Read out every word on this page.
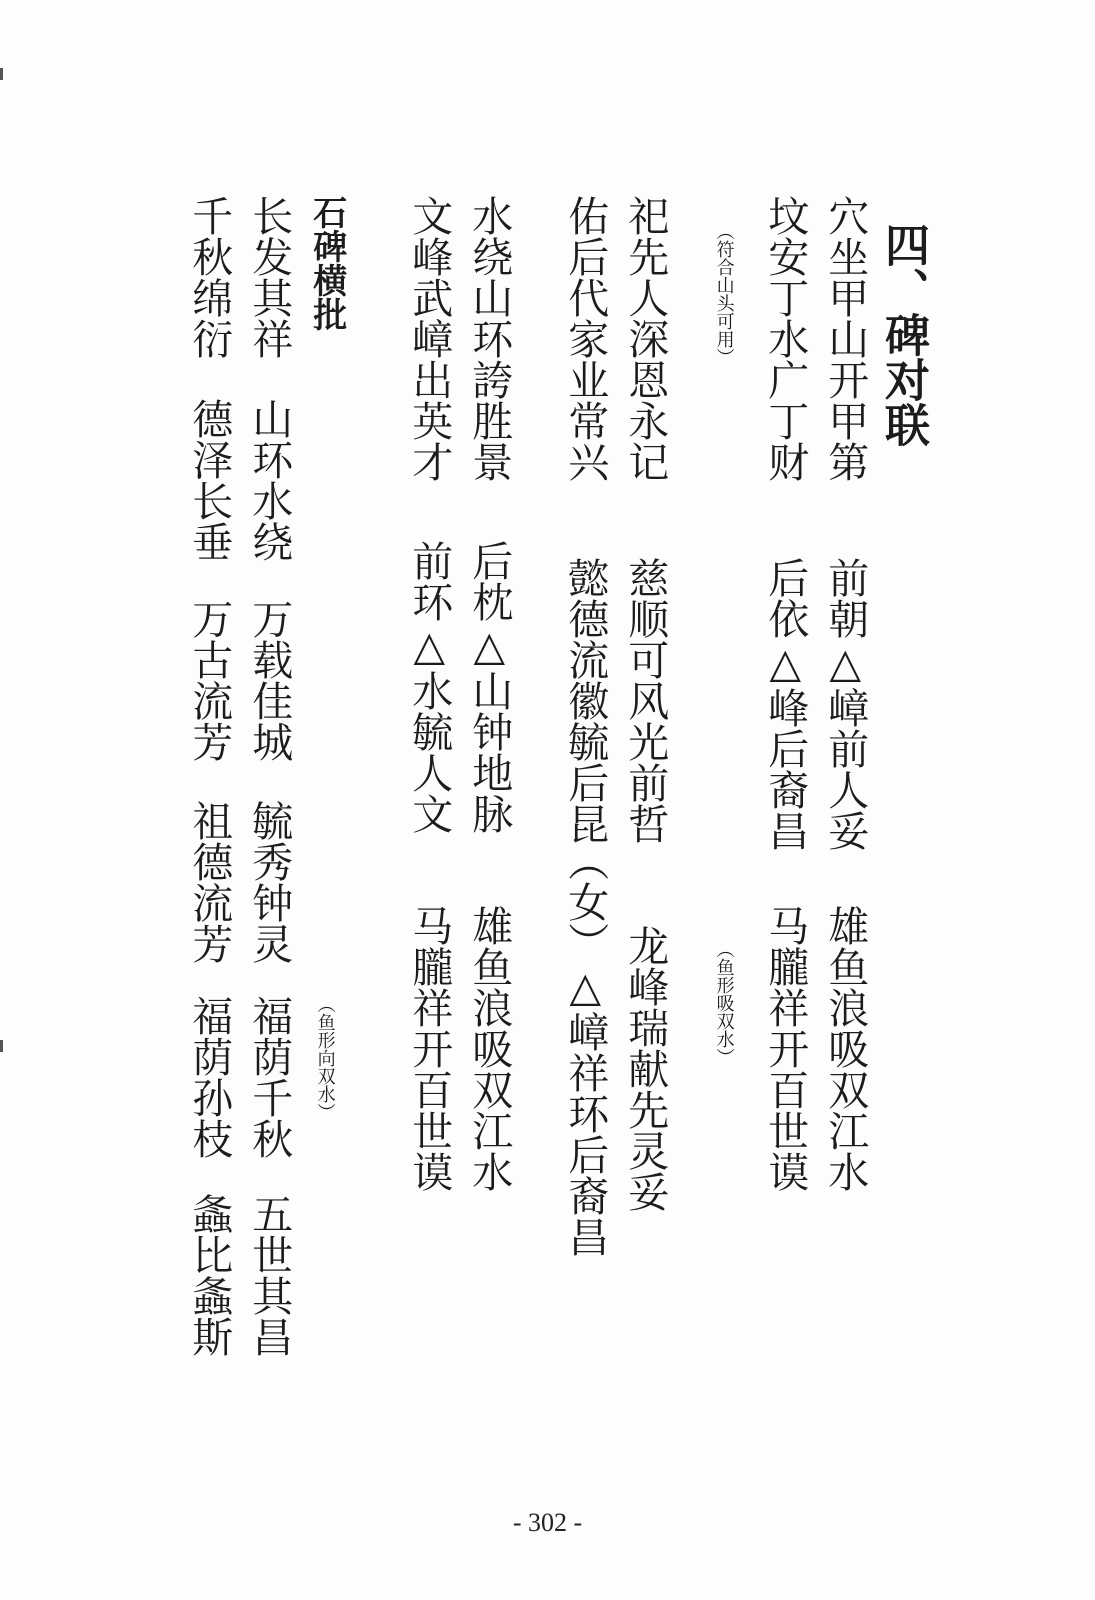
四、碑对联
穴坐甲山开甲第
前朝△嶂前人妥
雄鱼浪吸双江水
坟安丁水广丁财
后依△峰后裔昌
马朧祥开百世谟
（符合山头可用）
（鱼形吸双水）
祀先人深恩永记
慈顺可风光前哲
龙峰瑞献先灵妥
佑后代家业常兴
懿德流徽毓后昆
（女）△嶂祥环后裔昌
水绕山环誇胜景
后枕△山钟地脉
雄鱼浪吸双江水
文峰武嶂出英才
前环△水毓人文
马朧祥开百世谟
石碑横批
（鱼形向双水）
长发其祥
山环水绕
万载佳城
毓秀钟灵
福荫千秋
五世其昌
千秋绵衍
德泽长垂
万古流芳
祖德流芳
福荫孙枝
螽比螽斯
- 302 -
